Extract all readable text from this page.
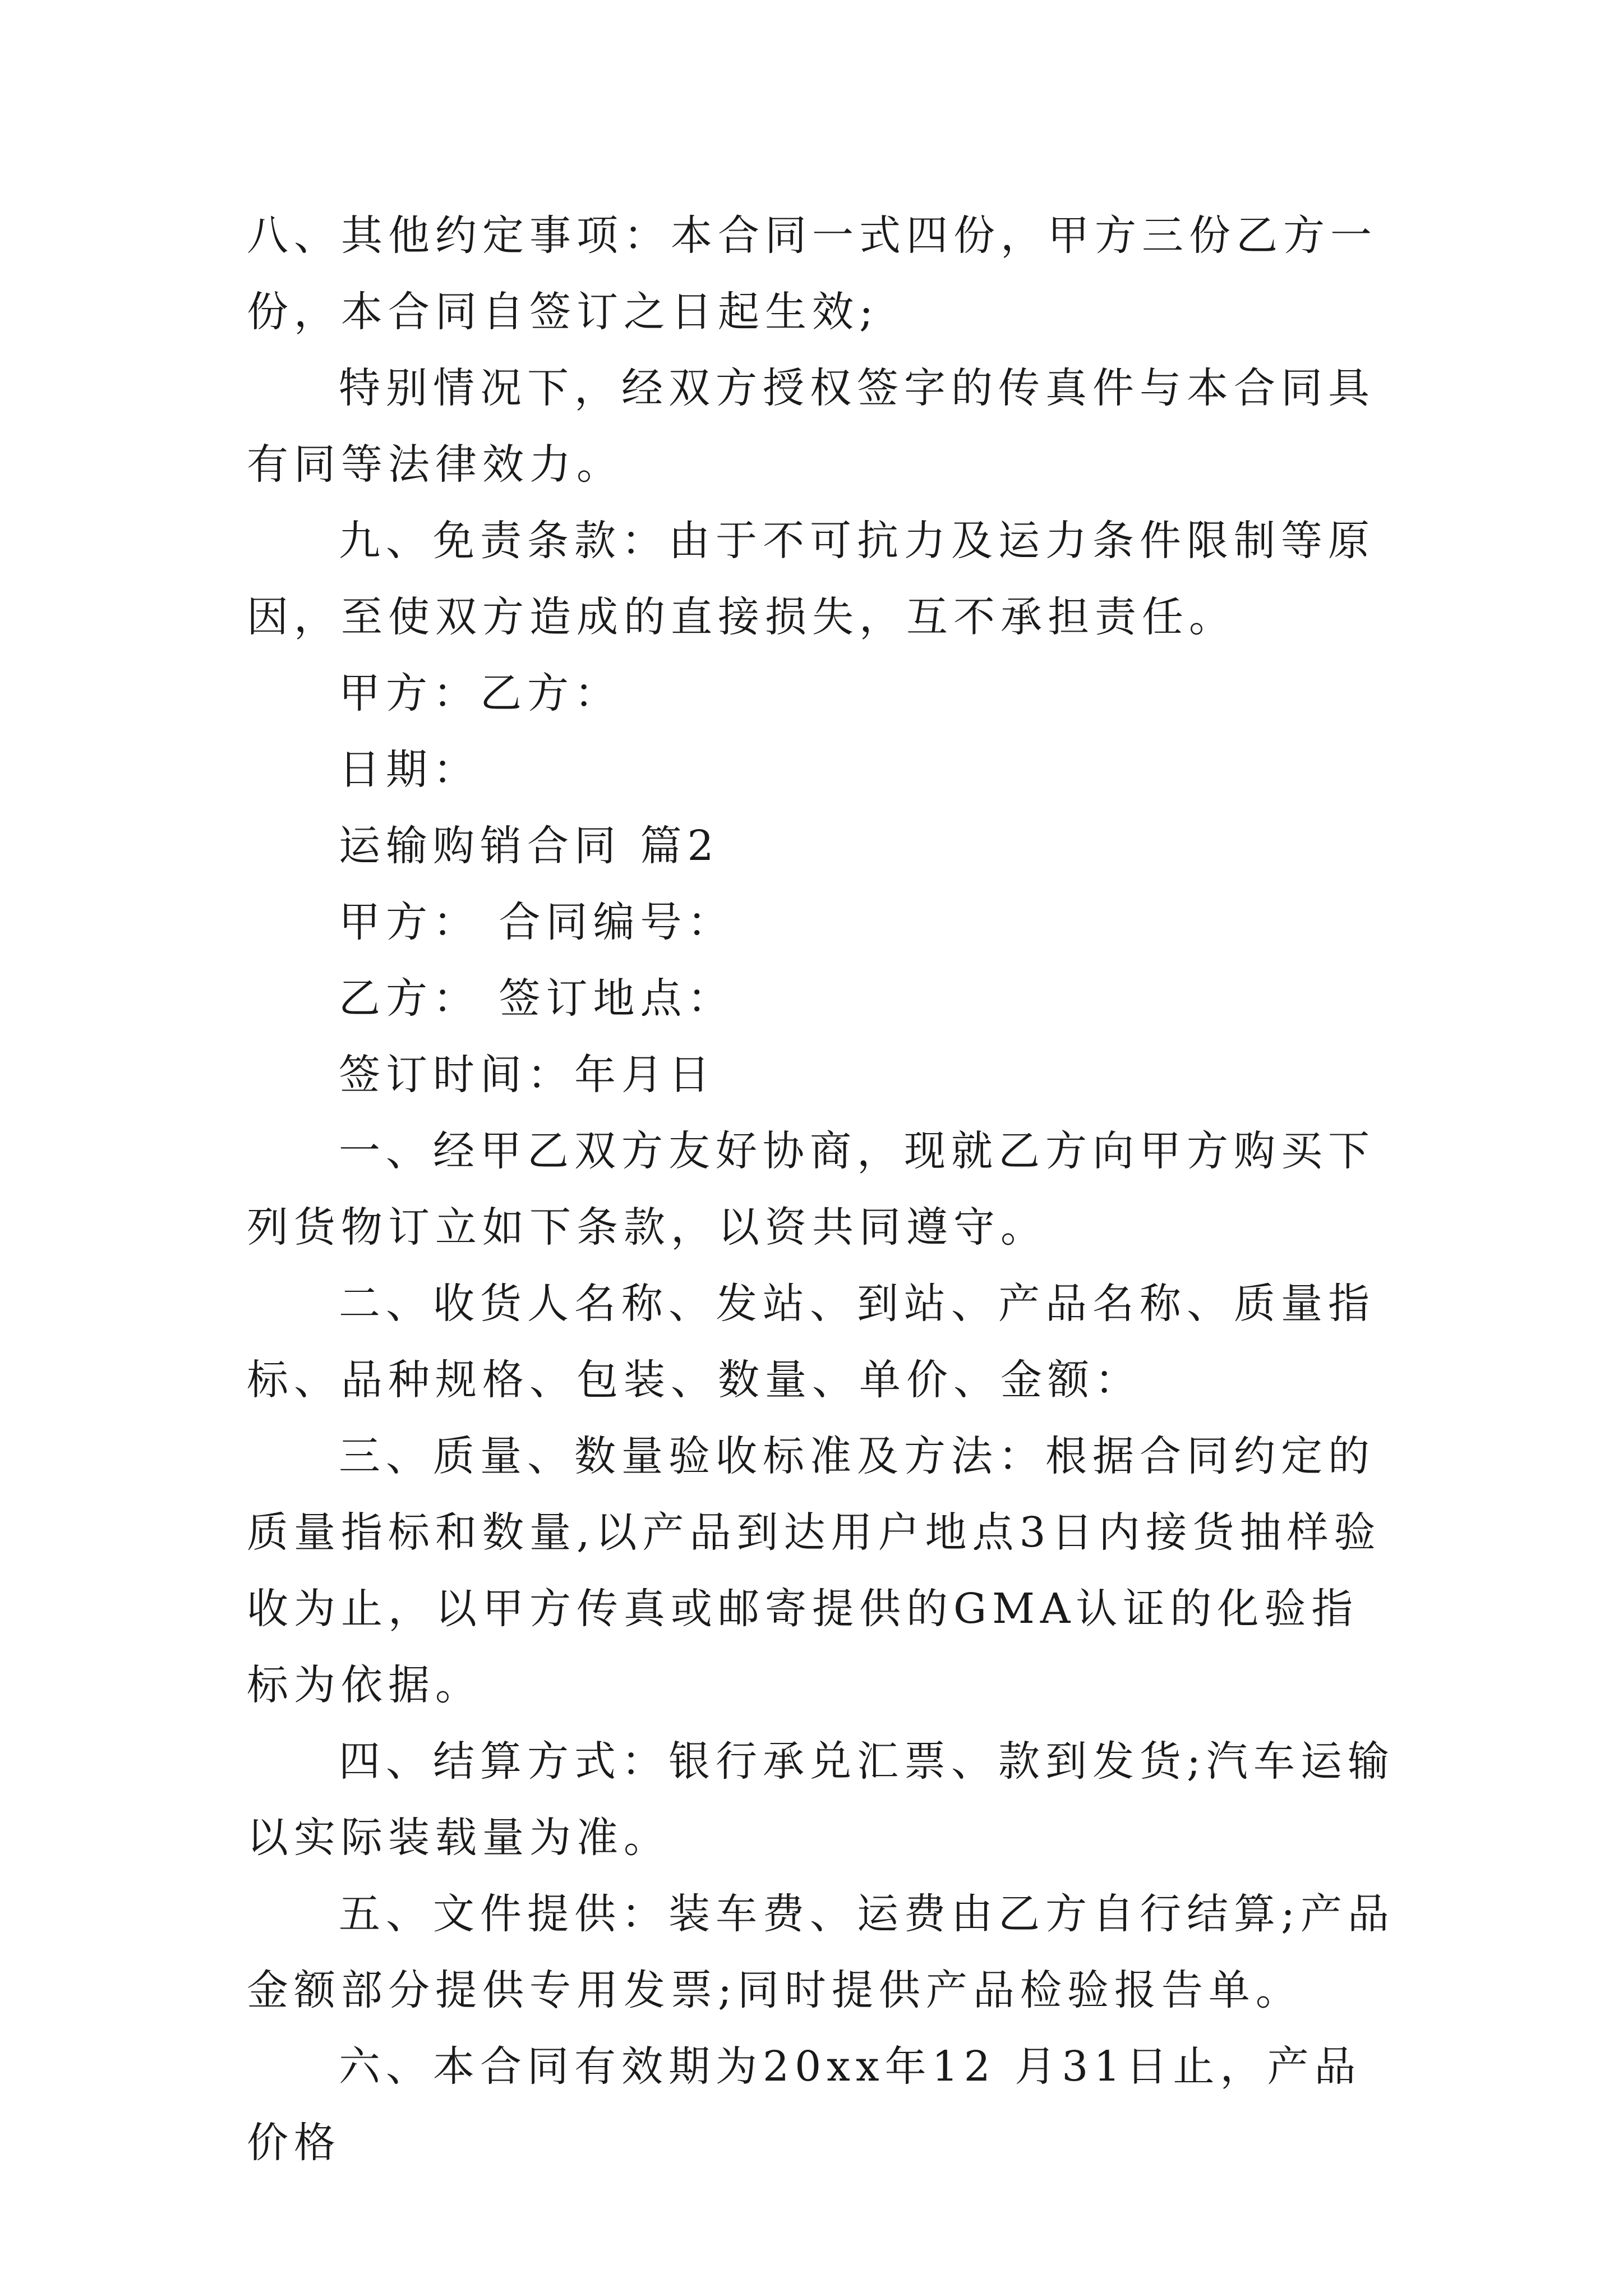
八、其他约定事项：本合同一式四份，甲方三份乙方一份，本合同自签订之日起生效;

特别情况下，经双方授权签字的传真件与本合同具有同等法律效力。

九、免责条款：由于不可抗力及运力条件限制等原因，至使双方造成的直接损失，互不承担责任。

甲方：乙方：

日期：

运输购销合同 篇2

甲方： 合同编号：

乙方： 签订地点：

签订时间：年月日

一、经甲乙双方友好协商，现就乙方向甲方购买下列货物订立如下条款，以资共同遵守。

二、收货人名称、发站、到站、产品名称、质量指标、品种规格、包装、数量、单价、金额：

三、质量、数量验收标准及方法：根据合同约定的质量指标和数量,以产品到达用户地点3日内接货抽样验收为止，以甲方传真或邮寄提供的GMA认证的化验指标为依据。

四、结算方式：银行承兑汇票、款到发货;汽车运输以实际装载量为准。

五、文件提供：装车费、运费由乙方自行结算;产品金额部分提供专用发票;同时提供产品检验报告单。

六、本合同有效期为20xx年12 月31日止，产品价格
